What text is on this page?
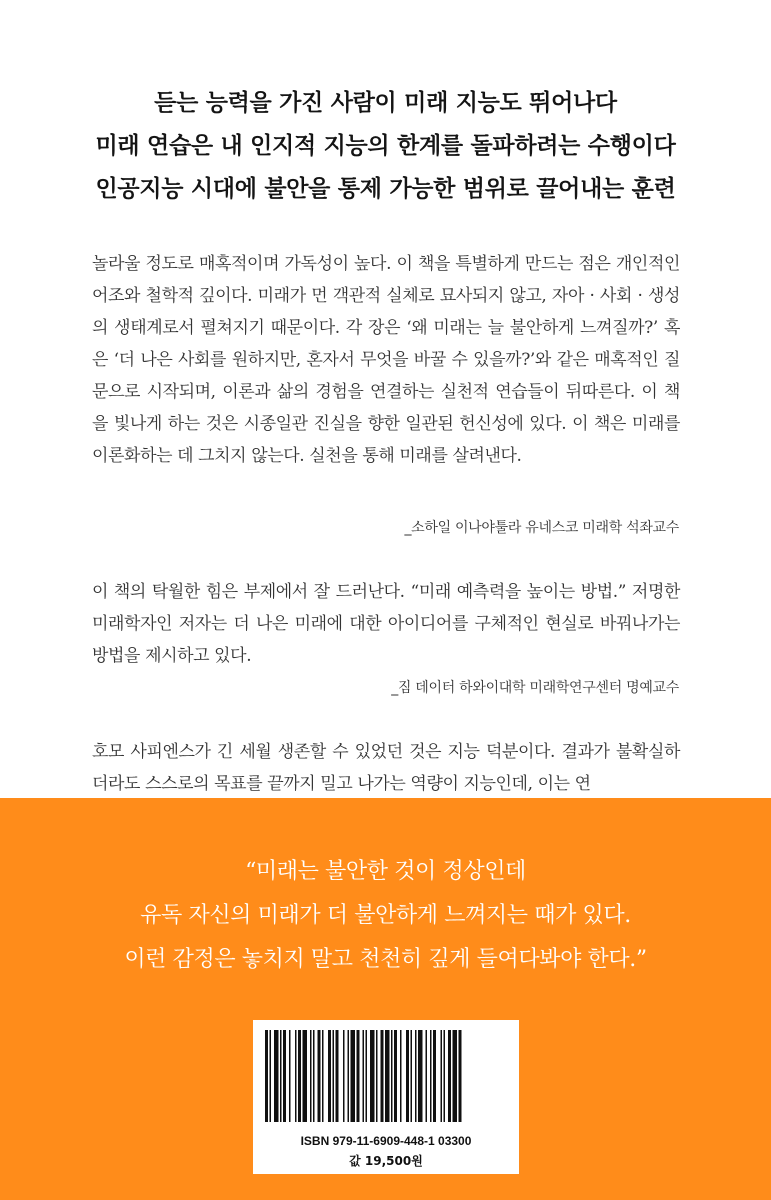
듣는 능력을 가진 사람이 미래 지능도 뛰어나다
미래 연습은 내 인지적 지능의 한계를 돌파하려는 수행이다
인공지능 시대에 불안을 통제 가능한 범위로 끌어내는 훈련
놀라울 정도로 매혹적이며 가독성이 높다. 이 책을 특별하게 만드는 점은 개인적인 어조와 철학적 깊이다. 미래가 먼 객관적 실체로 묘사되지 않고, 자아 · 사회 · 생성의 생태계로서 펼쳐지기 때문이다. 각 장은 ‘왜 미래는 늘 불안하게 느껴질까?’ 혹은 ‘더 나은 사회를 원하지만, 혼자서 무엇을 바꿀 수 있을까?’와 같은 매혹적인 질문으로 시작되며, 이론과 삶의 경험을 연결하는 실천적 연습들이 뒤따른다. 이 책을 빛나게 하는 것은 시종일관 진실을 향한 일관된 헌신성에 있다. 이 책은 미래를 이론화하는 데 그치지 않는다. 실천을 통해 미래를 살려낸다.
_소하일 이나야툴라 유네스코 미래학 석좌교수
이 책의 탁월한 힘은 부제에서 잘 드러난다. “미래 예측력을 높이는 방법.” 저명한 미래학자인 저자는 더 나은 미래에 대한 아이디어를 구체적인 현실로 바꿔나가는 방법을 제시하고 있다.
_짐 데이터 하와이대학 미래학연구센터 명예교수
호모 사피엔스가 긴 세월 생존할 수 있었던 것은 지능 덕분이다. 결과가 불확실하더라도 스스로의 목표를 끝까지 밀고 나가는 역량이 지능인데, 이는 연
“미래는 불안한 것이 정상인데
유독 자신의 미래가 더 불안하게 느껴지는 때가 있다.
이런 감정은 놓치지 말고 천천히 깊게 들여다봐야 한다.”
ISBN 979-11-6909-448-1 03300
값 19,500원
